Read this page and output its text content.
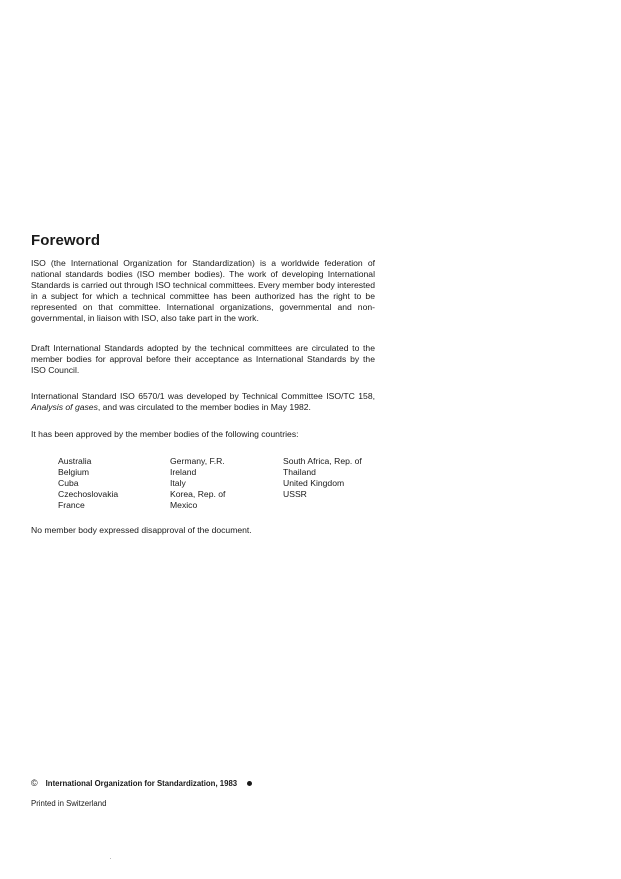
Foreword

ISO (the International Organization for Standardization) is a worldwide federation of national standards bodies (ISO member bodies). The work of developing International Standards is carried out through ISO technical committees. Every member body interested in a subject for which a technical committee has been authorized has the right to be represented on that committee. International organizations, governmental and non-governmental, in liaison with ISO, also take part in the work.

Draft International Standards adopted by the technical committees are circulated to the member bodies for approval before their acceptance as International Standards by the ISO Council.

International Standard ISO 6570/1 was developed by Technical Committee ISO/TC 158, Analysis of gases, and was circulated to the member bodies in May 1982.

It has been approved by the member bodies of the following countries:

Australia
Belgium
Cuba
Czechoslovakia
France
Germany, F.R.
Ireland
Italy
Korea, Rep. of
Mexico
South Africa, Rep. of
Thailand
United Kingdom
USSR

No member body expressed disapproval of the document.

© International Organization for Standardization, 1983

Printed in Switzerland
